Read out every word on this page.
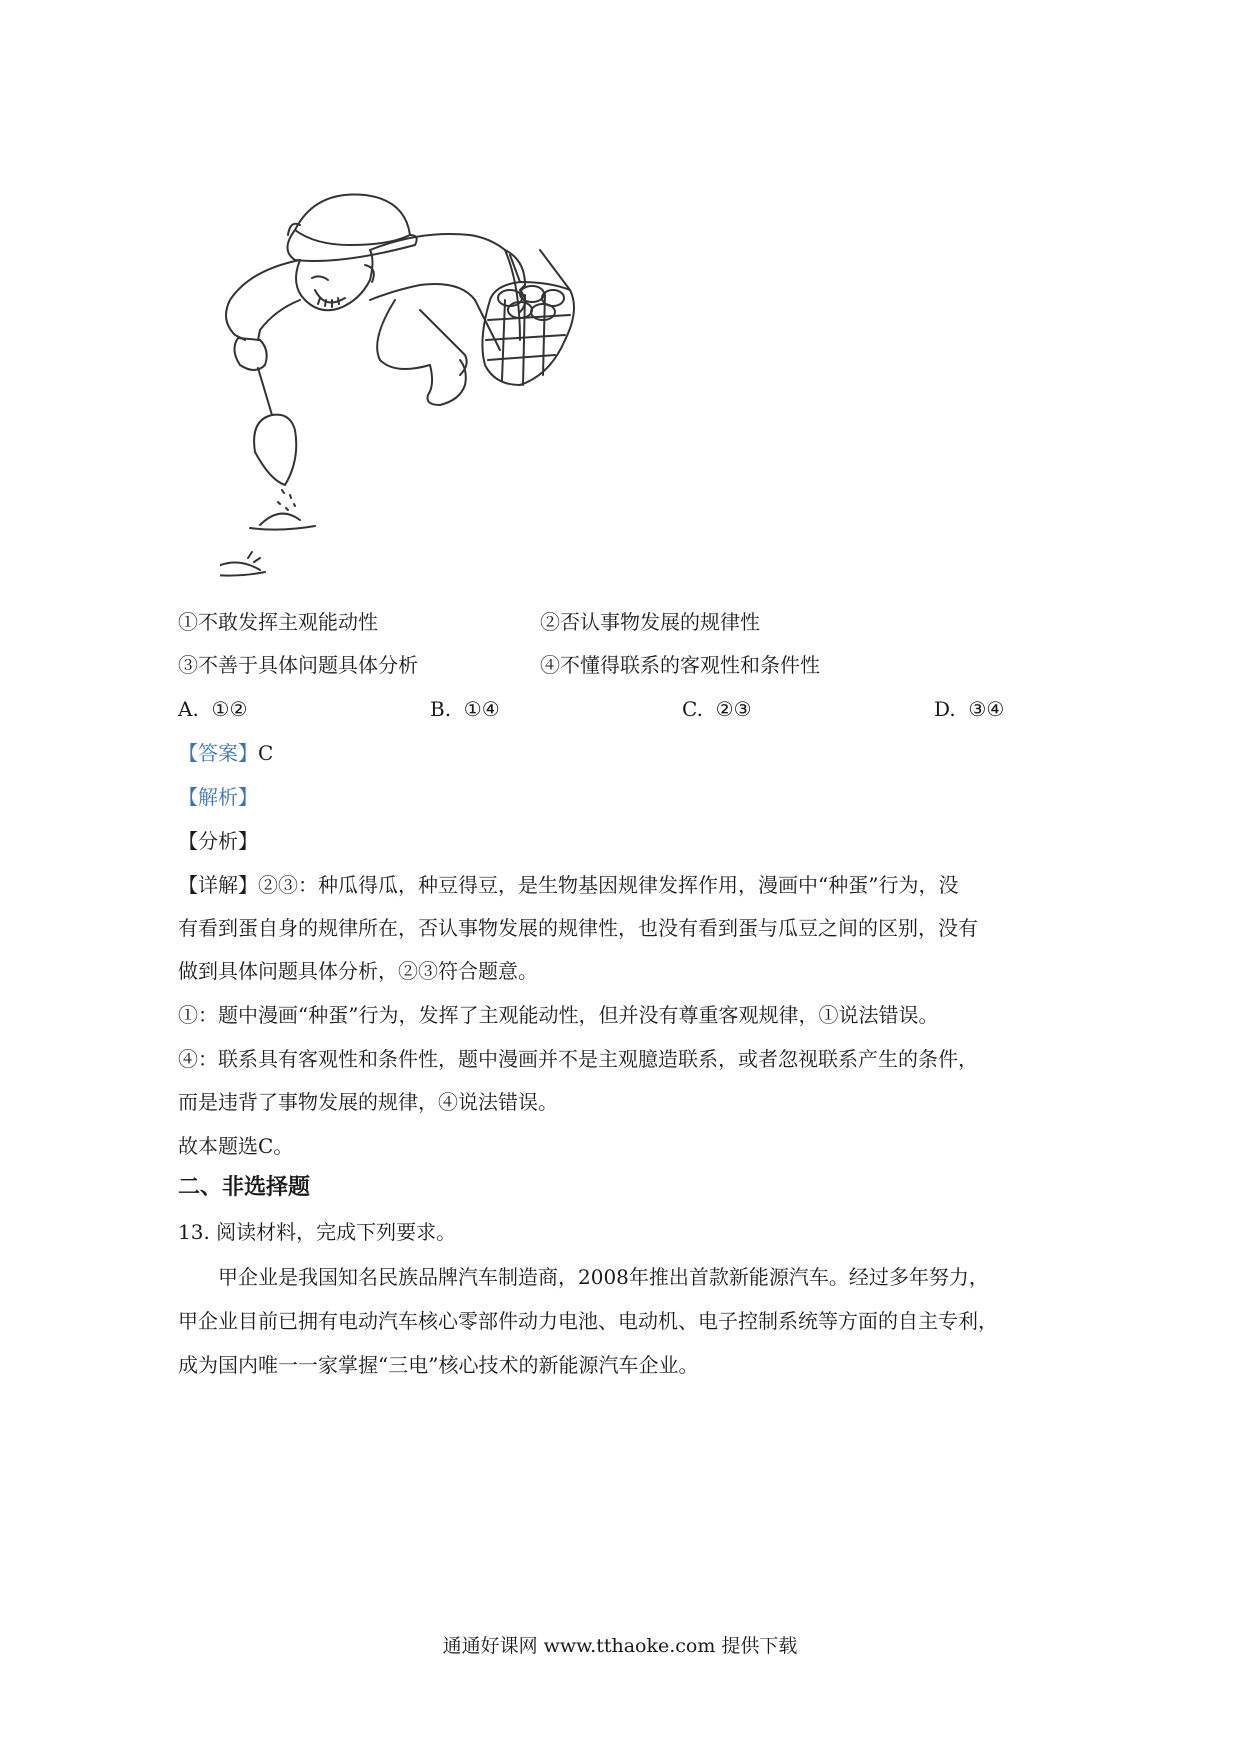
①不敢发挥主观能动性	②否认事物发展的规律性
③不善于具体问题具体分析	④不懂得联系的客观性和条件性
A. ①②	B. ①④	C. ②③	D. ③④
【答案】C
【解析】
【分析】
【详解】②③：种瓜得瓜，种豆得豆，是生物基因规律发挥作用，漫画中“种蛋”行为，没
有看到蛋自身的规律所在，否认事物发展的规律性，也没有看到蛋与瓜豆之间的区别，没有
做到具体问题具体分析，②③符合题意。
①：题中漫画“种蛋”行为，发挥了主观能动性，但并没有尊重客观规律，①说法错误。
④：联系具有客观性和条件性，题中漫画并不是主观臆造联系，或者忽视联系产生的条件，
而是违背了事物发展的规律，④说法错误。
故本题选C。
二、非选择题
13. 阅读材料，完成下列要求。
甲企业是我国知名民族品牌汽车制造商，2008年推出首款新能源汽车。经过多年努力，
甲企业目前已拥有电动汽车核心零部件动力电池、电动机、电子控制系统等方面的自主专利，
成为国内唯一一家掌握“三电”核心技术的新能源汽车企业。
通通好课网 www.tthaoke.com 提供下载
